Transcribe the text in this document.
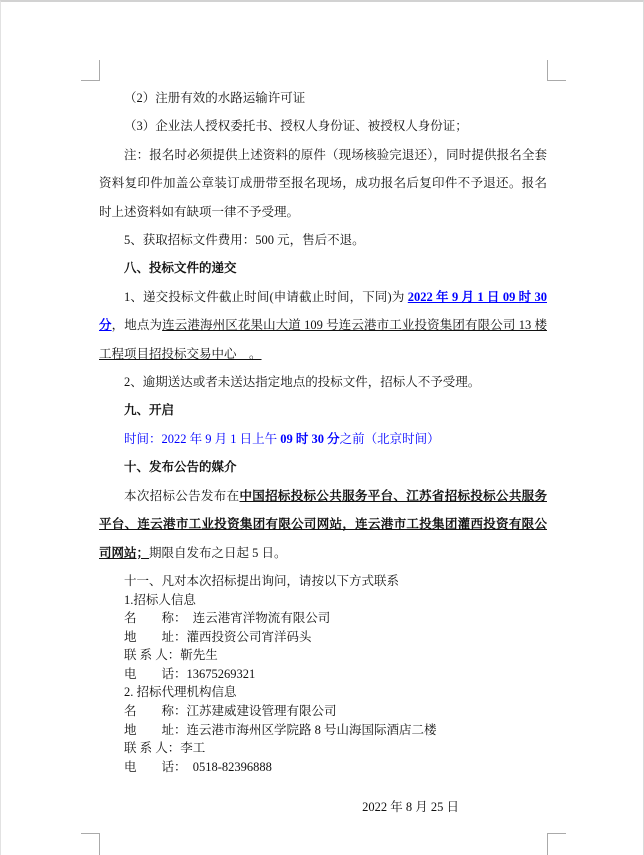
（2）注册有效的水路运输许可证

（3）企业法人授权委托书、授权人身份证、被授权人身份证；

注：报名时必须提供上述资料的原件（现场核验完退还），同时提供报名全套资料复印件加盖公章装订成册带至报名现场，成功报名后复印件不予退还。报名时上述资料如有缺项一律不予受理。

5、获取招标文件费用：500 元，售后不退。

八、投标文件的递交

1、递交投标文件截止时间(申请截止时间，下同)为 2022 年 9 月 1 日 09 时 30 分，地点为连云港海州区花果山大道 109 号连云港市工业投资集团有限公司 13 楼工程项目招投标交易中心　。

2、逾期送达或者未送达指定地点的投标文件，招标人不予受理。

九、开启

时间：2022 年 9 月 1 日上午 09 时 30 分之前（北京时间）

十、发布公告的媒介

本次招标公告发布在中国招标投标公共服务平台、江苏省招标投标公共服务平台、连云港市工业投资集团有限公司网站，连云港市工投集团灌西投资有限公司网站；期限自发布之日起 5 日。

十一、凡对本次招标提出询问，请按以下方式联系
1.招标人信息
名　　称：　连云港宵洋物流有限公司
地　　址：灌西投资公司宵洋码头
联 系 人：靳先生
电　　话：13675269321
2. 招标代理机构信息
名　　称：江苏建威建设管理有限公司
地　　址：连云港市海州区学院路 8 号山海国际酒店二楼
联 系 人：李工
电　　话：　0518-82396888
2022 年 8 月 25 日
